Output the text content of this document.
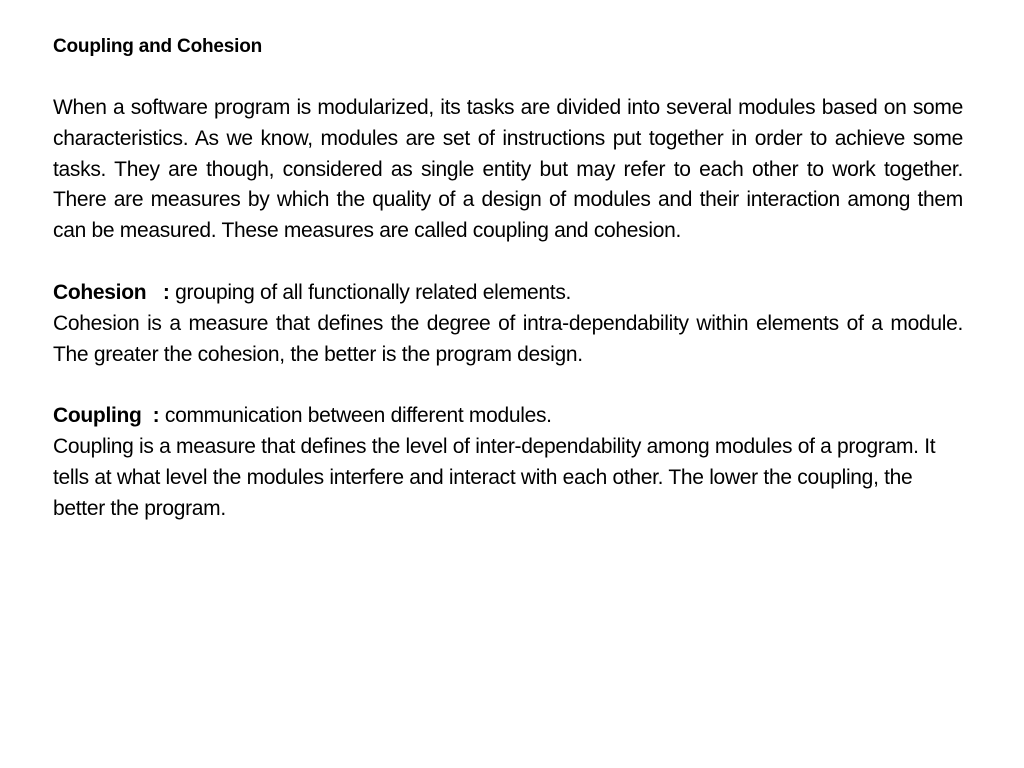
Coupling and Cohesion

When a software program is modularized, its tasks are divided into several modules based on some characteristics. As we know, modules are set of instructions put together in order to achieve some tasks. They are though, considered as single entity but may refer to each other to work together. There are measures by which the quality of a design of modules and their interaction among them can be measured. These measures are called coupling and cohesion.

Cohesion   : grouping of all functionally related elements.

Cohesion is a measure that defines the degree of intra-dependability within elements of a module. The greater the cohesion, the better is the program design.

Coupling  : communication between different modules.

Coupling is a measure that defines the level of inter-dependability among modules of a program. It tells at what level the modules interfere and interact with each other. The lower the coupling, the better the program.
